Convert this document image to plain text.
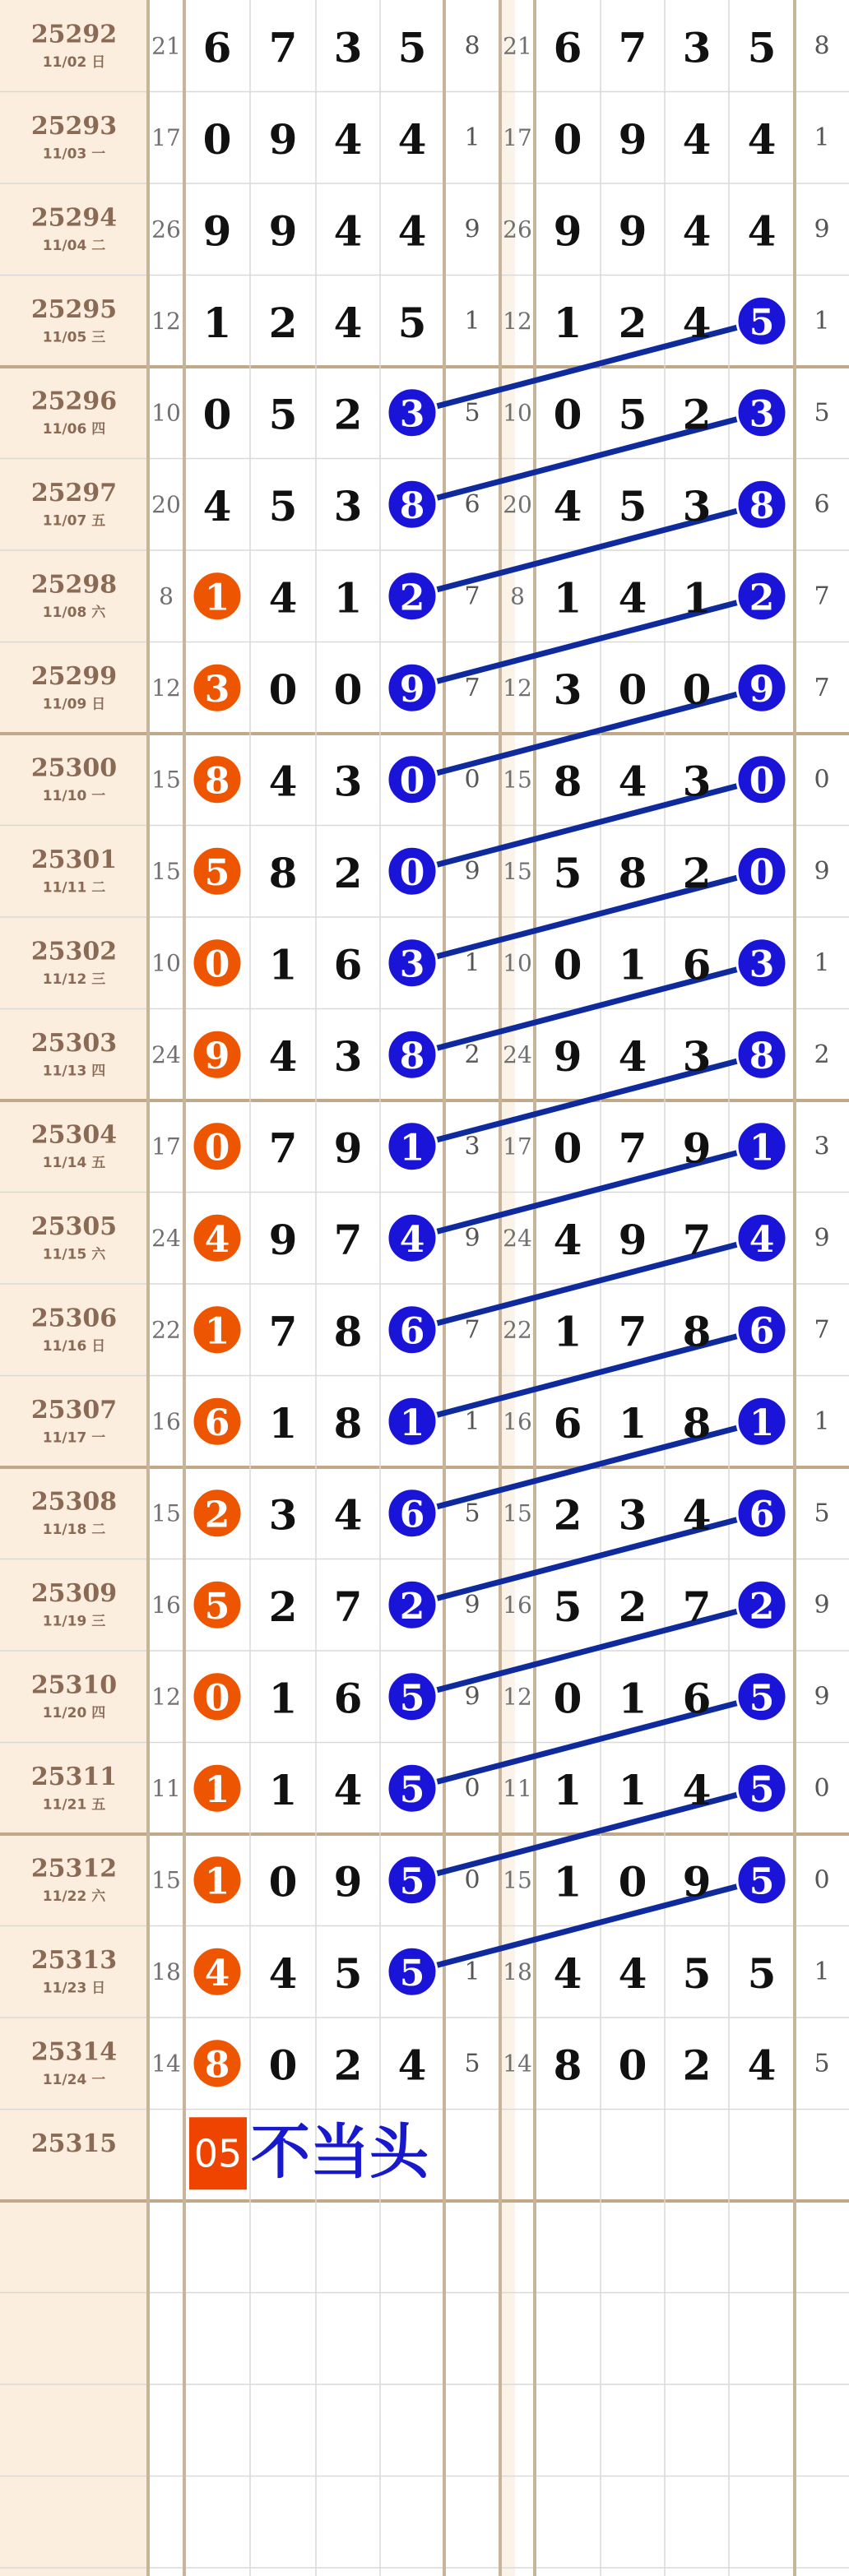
25292
11/02 日
21 6 7 3 5 8 21 6 7 3 5 8
25293
11/03 一
17 0 9 4 4 1 17 0 9 4 4 1
25294
11/04 二
26 9 9 4 4 9 26 9 9 4 4 9
25295
11/05 三
12 1 2 4 5 1 12 1 2 4 5 1
25296
11/06 四
10 0 5 2 3 5 10 0 5 2 3 5
25297
11/07 五
20 4 5 3 8 6 20 4 5 3 8 6
25298
11/08 六
8 1 4 1 2 7 8 1 4 1 2 7
25299
11/09 日
12 3 0 0 9 7 12 3 0 0 9 7
25300
11/10 一
15 8 4 3 0 0 15 8 4 3 0 0
25301
11/11 二
15 5 8 2 0 9 15 5 8 2 0 9
25302
11/12 三
10 0 1 6 3 1 10 0 1 6 3 1
25303
11/13 四
24 9 4 3 8 2 24 9 4 3 8 2
25304
11/14 五
17 0 7 9 1 3 17 0 7 9 1 3
25305
11/15 六
24 4 9 7 4 9 24 4 9 7 4 9
25306
11/16 日
22 1 7 8 6 7 22 1 7 8 6 7
25307
11/17 一
16 6 1 8 1 1 16 6 1 8 1 1
25308
11/18 二
15 2 3 4 6 5 15 2 3 4 6 5
25309
11/19 三
16 5 2 7 2 9 16 5 2 7 2 9
25310
11/20 四
12 0 1 6 5 9 12 0 1 6 5 9
25311
11/21 五
11 1 1 4 5 0 11 1 1 4 5 0
25312
11/22 六
15 1 0 9 5 0 15 1 0 9 5 0
25313
11/23 日
18 4 4 5 5 1 18 4 4 5 5 1
25314
11/24 一
14 8 0 2 4 5 14 8 0 2 4 5
25315 05 不当头
